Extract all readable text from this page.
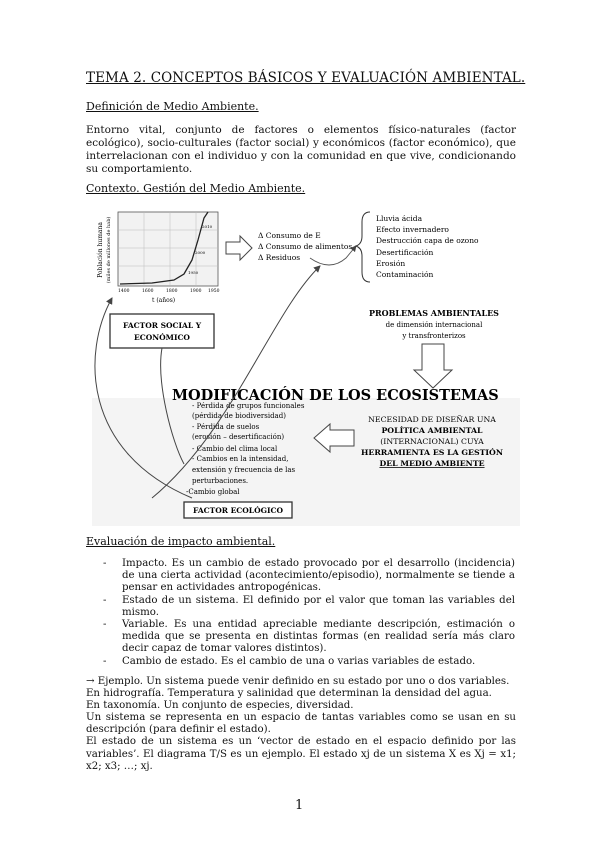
TEMA 2. CONCEPTOS BÁSICOS Y EVALUACIÓN AMBIENTAL.
Definición de Medio Ambiente.
Entorno vital, conjunto de factores o elementos físico-naturales (factor ecológico), socio-culturales (factor social) y económicos (factor económico), que interrelacionan con el individuo y con la comunidad en que vive, condicionando su comportamiento.
Contexto. Gestión del Medio Ambiente.
Población humana (miles de millones de hab)	2010
2000
1950
1400	1600	1800	1900 1950
t (años)
Δ Consumo de E
Δ Consumo de alimentos
Δ Residuos
Lluvia ácida
Efecto invernadero
Destrucción capa de ozono
Desertificación
Erosión
Contaminación
FACTOR SOCIAL Y
ECONÓMICO
PROBLEMAS AMBIENTALES
de dimensión internacional
y transfronterizos
MODIFICACIÓN DE LOS ECOSISTEMAS
- Pérdida de grupos funcionales
(pérdida de biodiversidad)
- Pérdida de suelos
(erosión – desertificación)
- Cambio del clima local
- Cambios en la intensidad,
extensión y frecuencia de las
perturbaciones.
-Cambio global
NECESIDAD DE DISEÑAR UNA
POLÍTICA AMBIENTAL
(INTERNACIONAL) CUYA
HERRAMIENTA ES LA GESTIÓN
DEL MEDIO AMBIENTE
FACTOR ECOLÓGICO
Evaluación de impacto ambiental.
- Impacto. Es un cambio de estado provocado por el desarrollo (incidencia) de una cierta actividad (acontecimiento/episodio), normalmente se tiende a pensar en actividades antropogénicas.
- Estado de un sistema. El definido por el valor que toman las variables del mismo.
- Variable. Es una entidad apreciable mediante descripción, estimación o medida que se presenta en distintas formas (en realidad sería más claro decir capaz de tomar valores distintos).
- Cambio de estado. Es el cambio de una o varias variables de estado.

→ Ejemplo. Un sistema puede venir definido en su estado por uno o dos variables.

En hidrografía. Temperatura y salinidad que determinan la densidad del agua.

En taxonomía. Un conjunto de especies, diversidad.

Un sistema se representa en un espacio de tantas variables como se usan en su descripción (para definir el estado).

El estado de un sistema es un ‘vector de estado en el espacio definido por las variables’. El diagrama T/S es un ejemplo. El estado xj de un sistema X es Xj = x1; x2; x3; …; xj.

1
